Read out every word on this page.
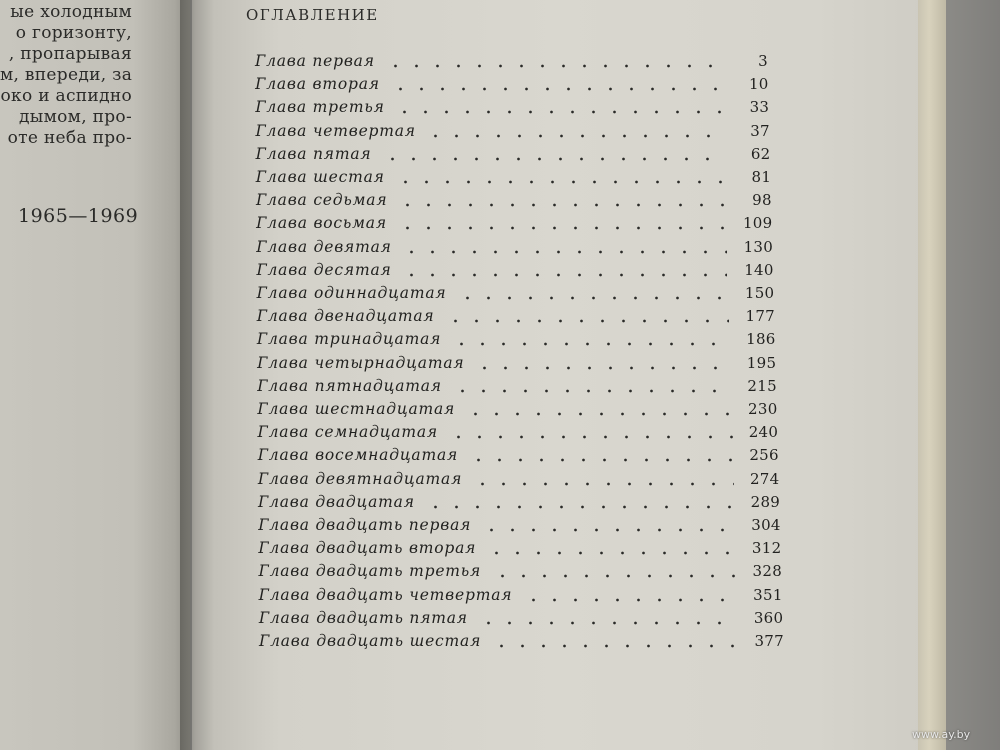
ые холодным
о горизонту,
, пропарывая
м, впереди, за
око и аспидно
дымом, про-
оте неба про-
1965—1969
ОГЛАВЛЕНИЕ
Глава первая	3
Глава вторая	10
Глава третья	33
Глава четвертая	37
Глава пятая	62
Глава шестая	81
Глава седьмая	98
Глава восьмая	109
Глава девятая	130
Глава десятая	140
Глава одиннадцатая	150
Глава двенадцатая	177
Глава тринадцатая	186
Глава четырнадцатая	195
Глава пятнадцатая	215
Глава шестнадцатая	230
Глава семнадцатая	240
Глава восемнадцатая	256
Глава девятнадцатая	274
Глава двадцатая	289
Глава двадцать первая	304
Глава двадцать вторая	312
Глава двадцать третья	328
Глава двадцать четвертая	351
Глава двадцать пятая	360
Глава двадцать шестая	377
www.ay.by
